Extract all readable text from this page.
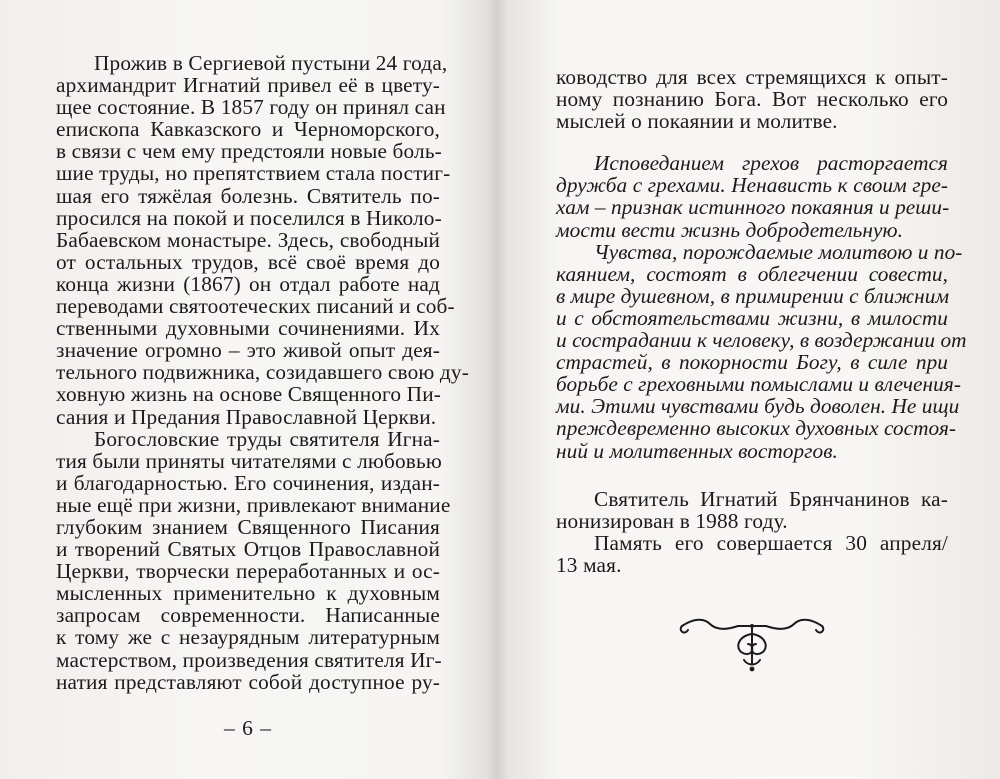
Прожив в Сергиевой пустыни 24 года,
архимандрит Игнатий привел её в цвету-
щее состояние. В 1857 году он принял сан
епископа Кавказского и Черноморского,
в связи с чем ему предстояли новые боль-
шие труды, но препятствием стала постиг-
шая его тяжёлая болезнь. Святитель по-
просился на покой и поселился в Николо-
Бабаевском монастыре. Здесь, свободный
от остальных трудов, всё своё время до
конца жизни (1867) он отдал работе над
переводами святоотеческих писаний и соб-
ственными духовными сочинениями. Их
значение огромно – это живой опыт дея-
тельного подвижника, созидавшего свою ду-
ховную жизнь на основе Священного Пи-
сания и Предания Православной Церкви.
Богословские труды святителя Игна-
тия были приняты читателями с любовью
и благодарностью. Его сочинения, издан-
ные ещё при жизни, привлекают внимание
глубоким знанием Священного Писания
и творений Святых Отцов Православной
Церкви, творчески переработанных и ос-
мысленных применительно к духовным
запросам современности. Написанные
к тому же с незаурядным литературным
мастерством, произведения святителя Иг-
натия представляют собой доступное ру-
– 6 –
ководство для всех стремящихся к опыт-
ному познанию Бога. Вот несколько его
мыслей о покаянии и молитве.
Исповеданием грехов расторгается
дружба с грехами. Ненависть к своим гре-
хам – признак истинного покаяния и реши-
мости вести жизнь добродетельную.
Чувства, порождаемые молитвою и по-
каянием, состоят в облегчении совести,
в мире душевном, в примирении с ближним
и с обстоятельствами жизни, в милости
и сострадании к человеку, в воздержании от
страстей, в покорности Богу, в силе при
борьбе с греховными помыслами и влечения-
ми. Этими чувствами будь доволен. Не ищи
преждевременно высоких духовных состоя-
ний и молитвенных восторгов.
Святитель Игнатий Брянчанинов ка-
нонизирован в 1988 году.
Память его совершается 30 апреля/
13 мая.
